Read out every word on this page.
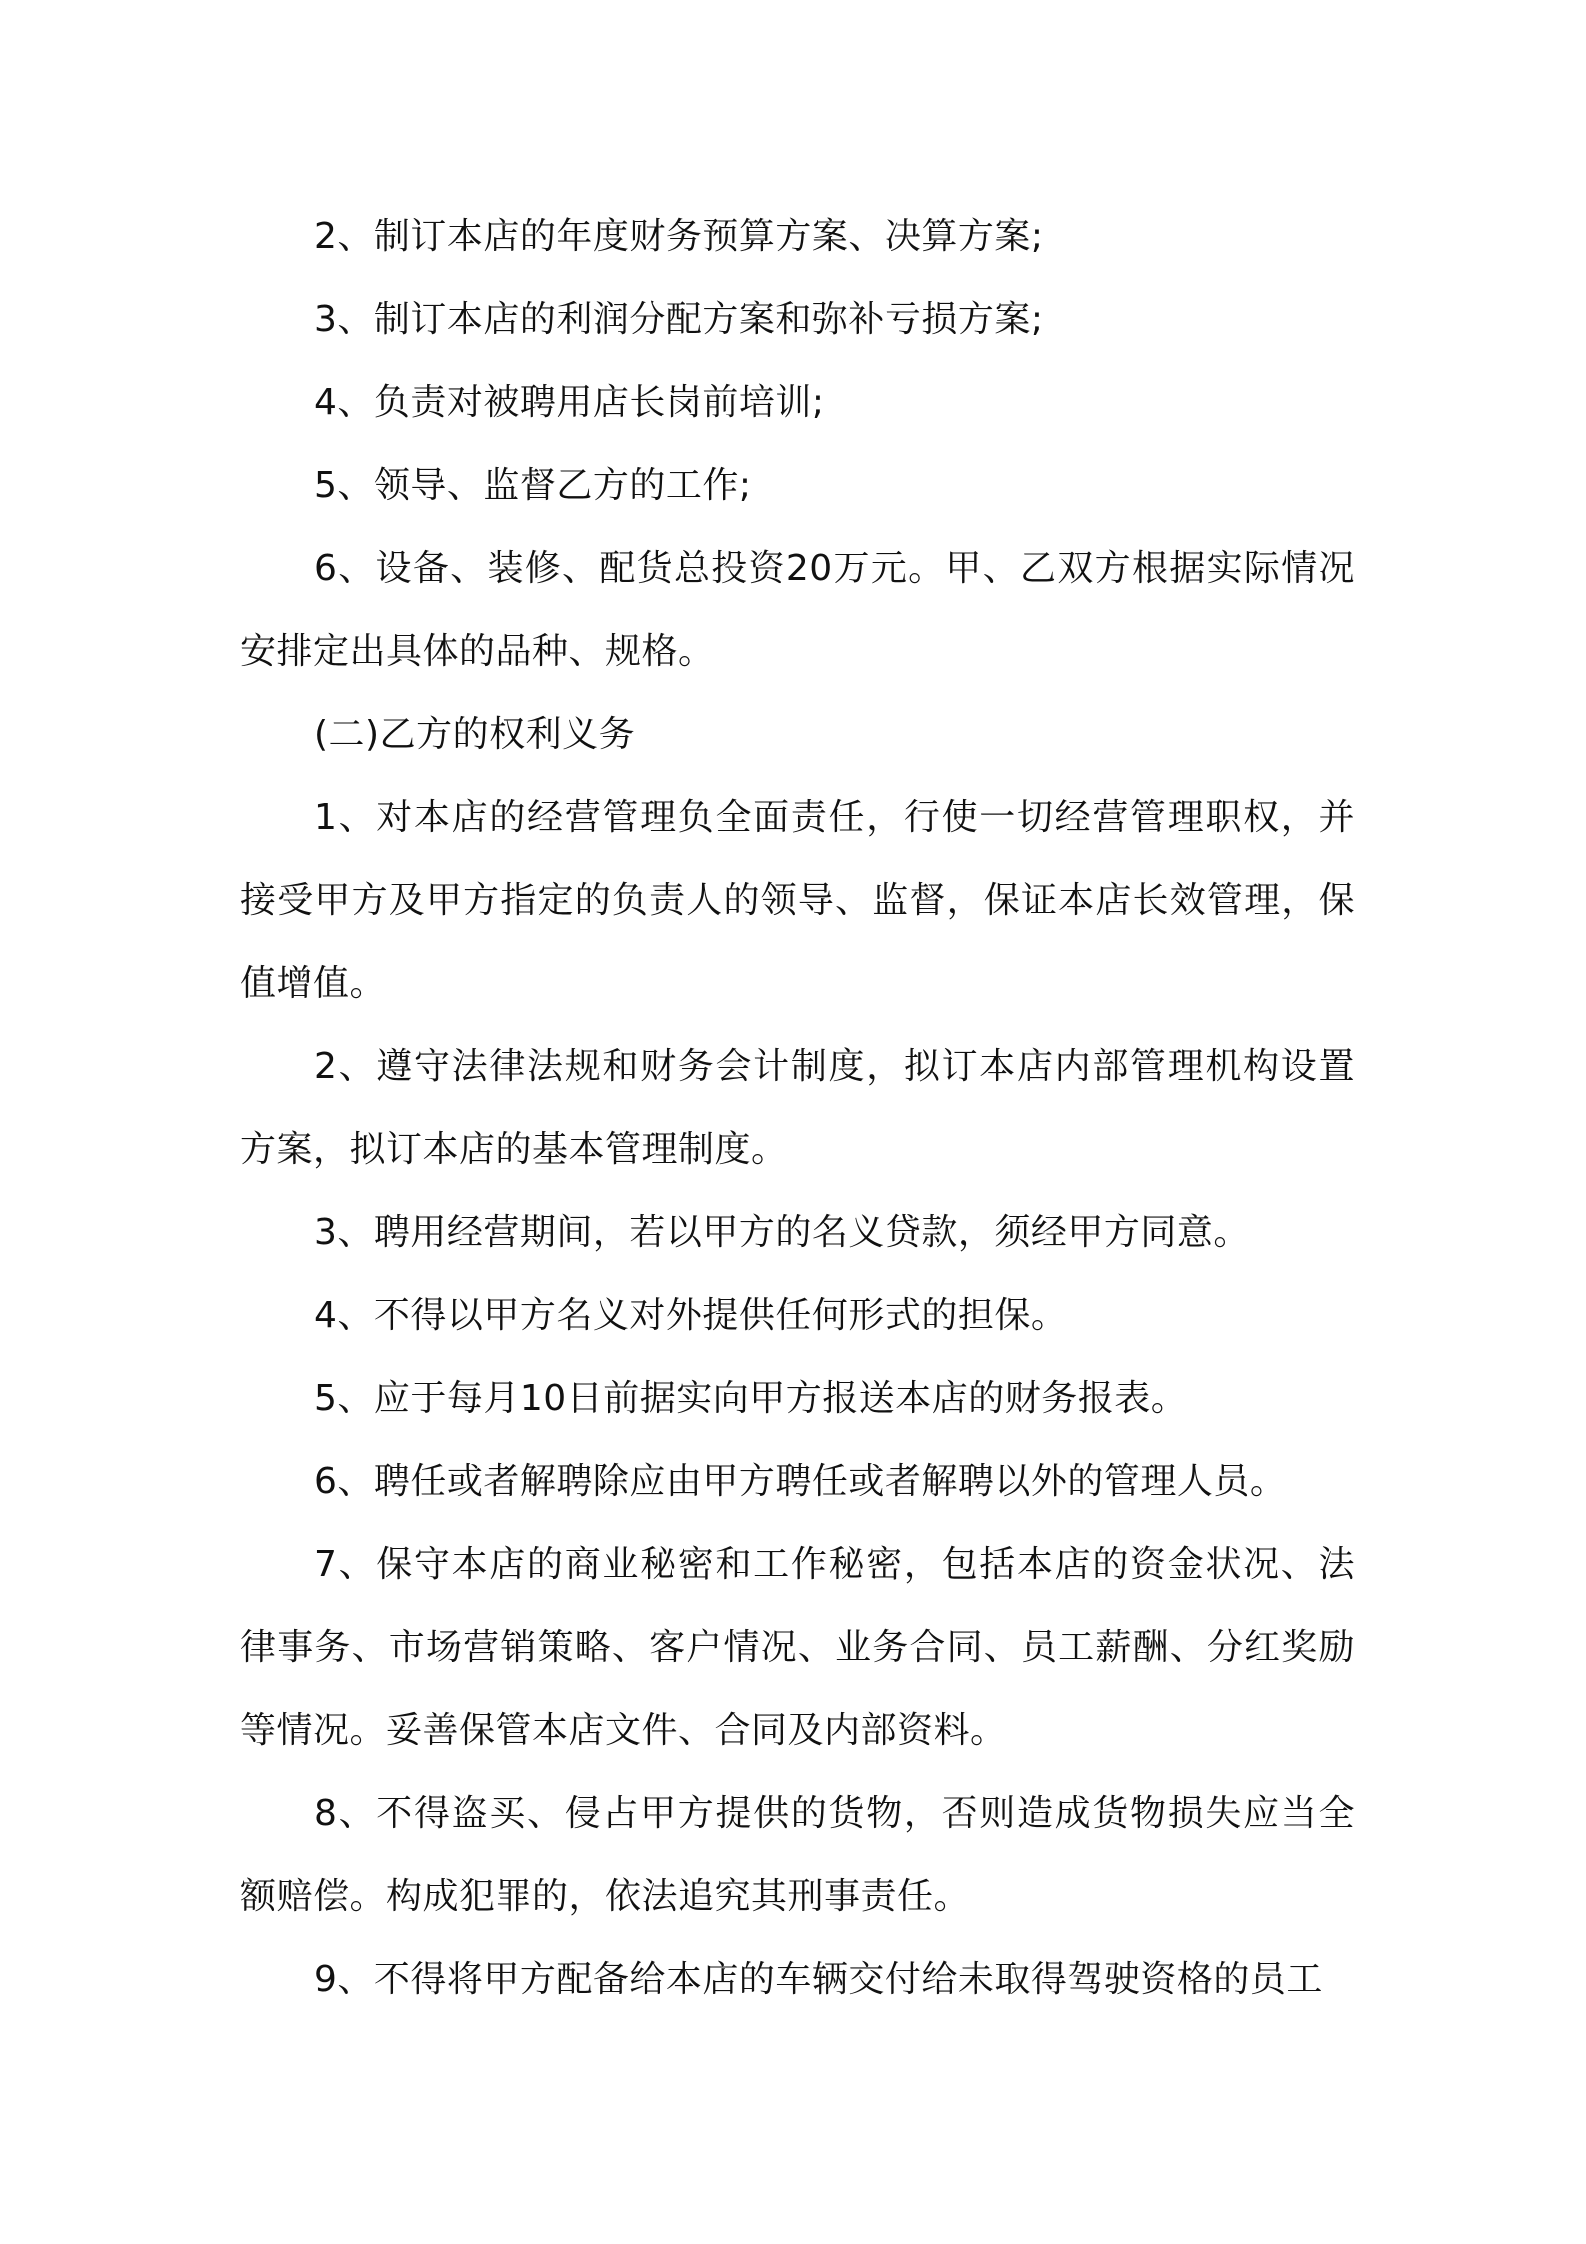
2、制订本店的年度财务预算方案、决算方案;

3、制订本店的利润分配方案和弥补亏损方案;

4、负责对被聘用店长岗前培训;

5、领导、监督乙方的工作;

6、设备、装修、配货总投资20万元。甲、乙双方根据实际情况安排定出具体的品种、规格。

(二)乙方的权利义务

1、对本店的经营管理负全面责任，行使一切经营管理职权，并接受甲方及甲方指定的负责人的领导、监督，保证本店长效管理，保值增值。

2、遵守法律法规和财务会计制度，拟订本店内部管理机构设置方案，拟订本店的基本管理制度。

3、聘用经营期间，若以甲方的名义贷款，须经甲方同意。

4、不得以甲方名义对外提供任何形式的担保。

5、应于每月10日前据实向甲方报送本店的财务报表。

6、聘任或者解聘除应由甲方聘任或者解聘以外的管理人员。

7、保守本店的商业秘密和工作秘密，包括本店的资金状况、法律事务、市场营销策略、客户情况、业务合同、员工薪酬、分红奖励等情况。妥善保管本店文件、合同及内部资料。

8、不得盗买、侵占甲方提供的货物，否则造成货物损失应当全额赔偿。构成犯罪的，依法追究其刑事责任。

9、不得将甲方配备给本店的车辆交付给未取得驾驶资格的员工
